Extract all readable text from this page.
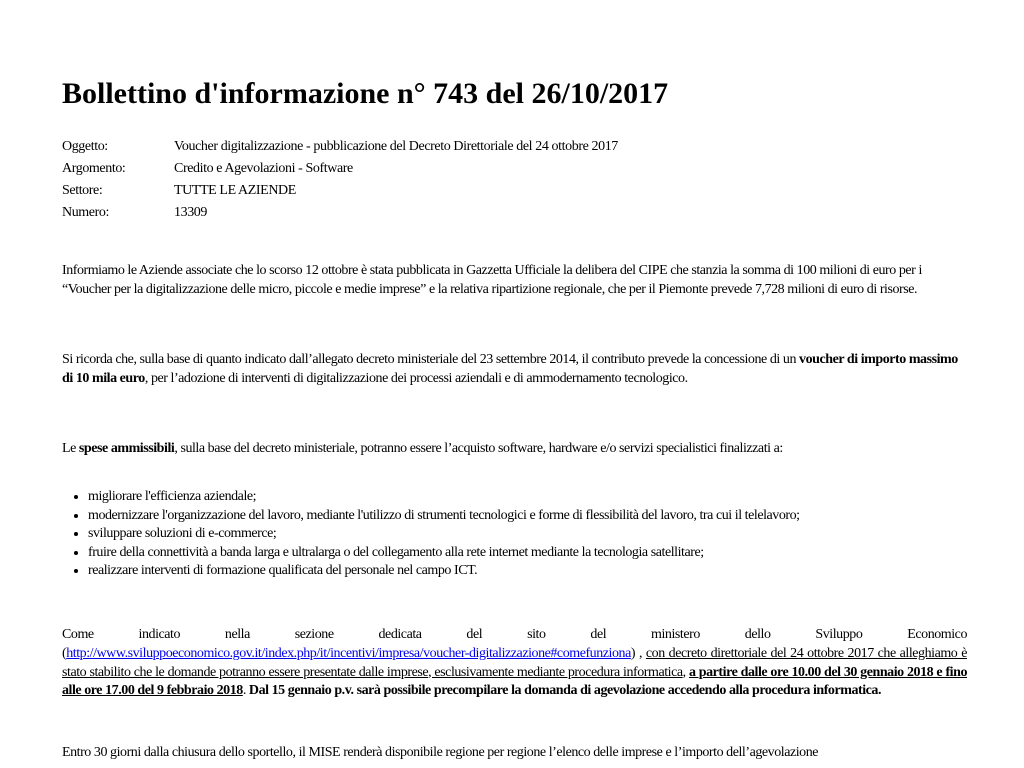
Bollettino d'informazione n° 743 del 26/10/2017
Oggetto:	Voucher digitalizzazione - pubblicazione del Decreto Direttoriale del 24 ottobre 2017
Argomento:	Credito e Agevolazioni - Software
Settore:	TUTTE LE AZIENDE
Numero:	13309

Informiamo le Aziende associate che lo scorso 12 ottobre è stata pubblicata in Gazzetta Ufficiale la delibera del CIPE che stanzia la somma di 100 milioni di euro per i “Voucher per la digitalizzazione delle micro, piccole e medie imprese” e la relativa ripartizione regionale, che per il Piemonte prevede 7,728 milioni di euro di risorse.

Si ricorda che, sulla base di quanto indicato dall’allegato decreto ministeriale del 23 settembre 2014, il contributo prevede la concessione di un voucher di importo massimo di 10 mila euro, per l’adozione di interventi di digitalizzazione dei processi aziendali e di ammodernamento tecnologico.

Le spese ammissibili, sulla base del decreto ministeriale, potranno essere l’acquisto software, hardware e/o servizi specialistici finalizzati a:

• migliorare l'efficienza aziendale;
• modernizzare l'organizzazione del lavoro, mediante l'utilizzo di strumenti tecnologici e forme di flessibilità del lavoro, tra cui il telelavoro;
• sviluppare soluzioni di e-commerce;
• fruire della connettività a banda larga e ultralarga o del collegamento alla rete internet mediante la tecnologia satellitare;
• realizzare interventi di formazione qualificata del personale nel campo ICT.
Come indicato nella sezione dedicata del sito del ministero dello Sviluppo Economico

(http://www.sviluppoeconomico.gov.it/index.php/it/incentivi/impresa/voucher-digitalizzazione#comefunziona) , con decreto direttoriale del 24 ottobre 2017 che alleghiamo è stato stabilito che le domande potranno essere presentate dalle imprese, esclusivamente mediante procedura informatica, a partire dalle ore 10.00 del 30 gennaio 2018 e fino alle ore 17.00 del 9 febbraio 2018. Dal 15 gennaio p.v. sarà possibile precompilare la domanda di agevolazione accedendo alla procedura informatica.

Entro 30 giorni dalla chiusura dello sportello, il MISE renderà disponibile regione per regione l’elenco delle imprese e l’importo dell’agevolazione
